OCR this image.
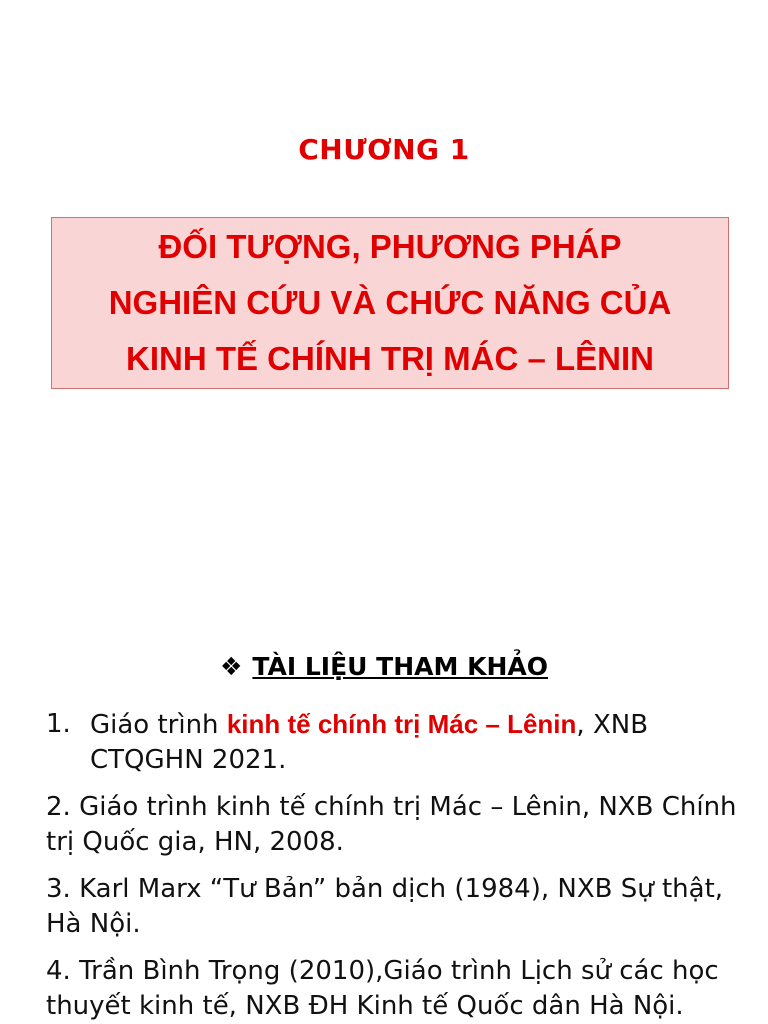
CHƯƠNG 1
ĐỐI TƯỢNG, PHƯƠNG PHÁP
NGHIÊN CỨU VÀ CHỨC NĂNG CỦA
KINH TẾ CHÍNH TRỊ MÁC – LÊNIN
❖ TÀI LIỆU THAM KHẢO
1. Giáo trình kinh tế chính trị Mác – Lênin, XNB CTQGHN 2021.
2. Giáo trình kinh tế chính trị Mác – Lênin, NXB Chính trị Quốc gia, HN, 2008.
3. Karl Marx “Tư Bản” bản dịch (1984), NXB Sự thật, Hà Nội.
4. Trần Bình Trọng (2010),Giáo trình Lịch sử các học thuyết kinh tế, NXB ĐH Kinh tế Quốc dân Hà Nội.
